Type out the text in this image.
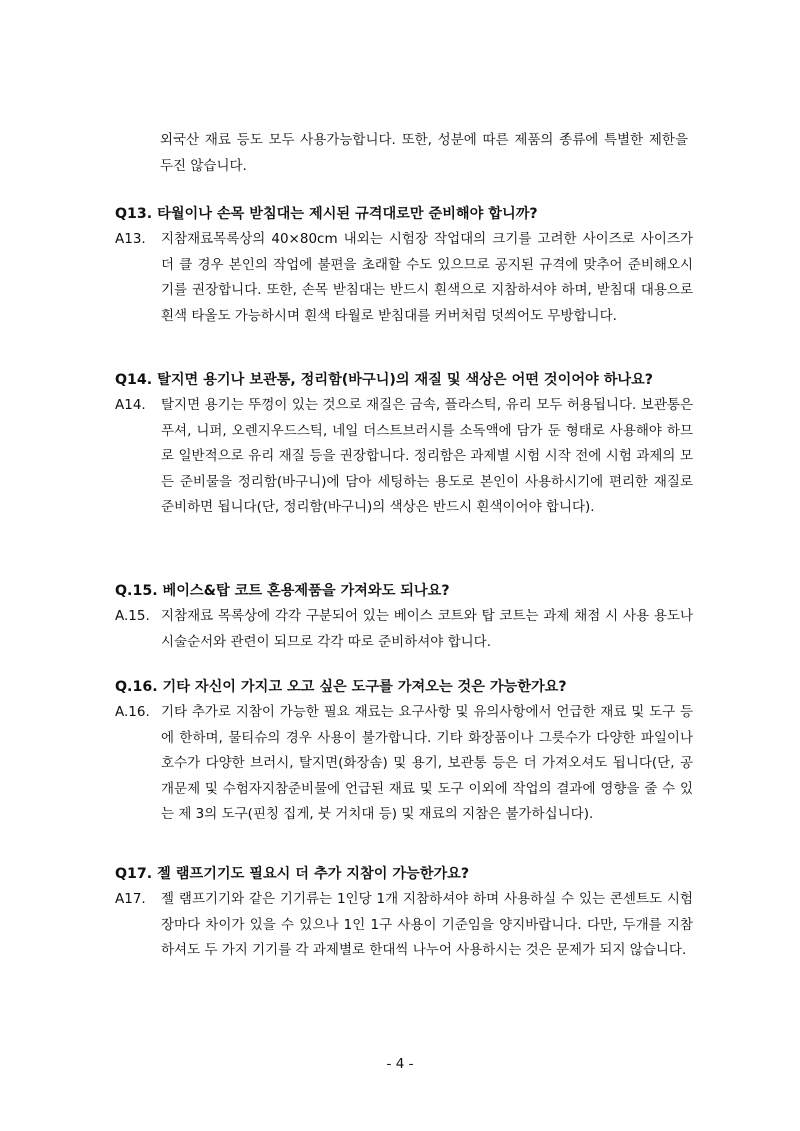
외국산 재료 등도 모두 사용가능합니다. 또한, 성분에 따른 제품의 종류에 특별한 제한을 두진 않습니다.

Q13. 타월이나 손목 받침대는 제시된 규격대로만 준비해야 합니까?

A13.	지참재료목록상의 40×80cm 내외는 시험장 작업대의 크기를 고려한 사이즈로 사이즈가 더 클 경우 본인의 작업에 불편을 초래할 수도 있으므로 공지된 규격에 맞추어 준비해오시기를 권장합니다. 또한, 손목 받침대는 반드시 흰색으로 지참하셔야 하며, 받침대 대용으로 흰색 타올도 가능하시며 흰색 타월로 받침대를 커버처럼 덧씌어도 무방합니다.

Q14. 탈지면 용기나 보관통, 정리함(바구니)의 재질 및 색상은 어떤 것이어야 하나요?

A14.	탈지면 용기는 뚜껑이 있는 것으로 재질은 금속, 플라스틱, 유리 모두 허용됩니다. 보관통은 푸셔, 니퍼, 오렌지우드스틱, 네일 더스트브러시를 소독액에 담가 둔 형태로 사용해야 하므로 일반적으로 유리 재질 등을 권장합니다. 정리함은 과제별 시험 시작 전에 시험 과제의 모든 준비물을 정리함(바구니)에 담아 세팅하는 용도로 본인이 사용하시기에 편리한 재질로 준비하면 됩니다(단, 정리함(바구니)의 색상은 반드시 흰색이어야 합니다).

Q.15. 베이스&탑 코트 혼용제품을 가져와도 되나요?

A.15. 지참재료 목록상에 각각 구분되어 있는 베이스 코트와 탑 코트는 과제 채점 시 사용 용도나 시술순서와 관련이 되므로 각각 따로 준비하셔야 합니다.

Q.16. 기타 자신이 가지고 오고 싶은 도구를 가져오는 것은 가능한가요?

A.16. 기타 추가로 지참이 가능한 필요 재료는 요구사항 및 유의사항에서 언급한 재료 및 도구 등에 한하며, 물티슈의 경우 사용이 불가합니다. 기타 화장품이나 그릇수가 다양한 파일이나 호수가 다양한 브러시, 탈지면(화장솜) 및 용기, 보관통 등은 더 가져오셔도 됩니다(단, 공개문제 및 수험자지참준비물에 언급된 재료 및 도구 이외에 작업의 결과에 영향을 줄 수 있는 제 3의 도구(핀칭 집게, 붓 거치대 등) 및 재료의 지참은 불가하십니다).

Q17. 젤 램프기기도 필요시 더 추가 지참이 가능한가요?

A17.	젤 램프기기와 같은 기기류는 1인당 1개 지참하셔야 하며 사용하실 수 있는 콘센트도 시험장마다 차이가 있을 수 있으나 1인 1구 사용이 기준임을 양지바랍니다. 다만, 두개를 지참하셔도 두 가지 기기를 각 과제별로 한대씩 나누어 사용하시는 것은 문제가 되지 않습니다.
- 4 -
